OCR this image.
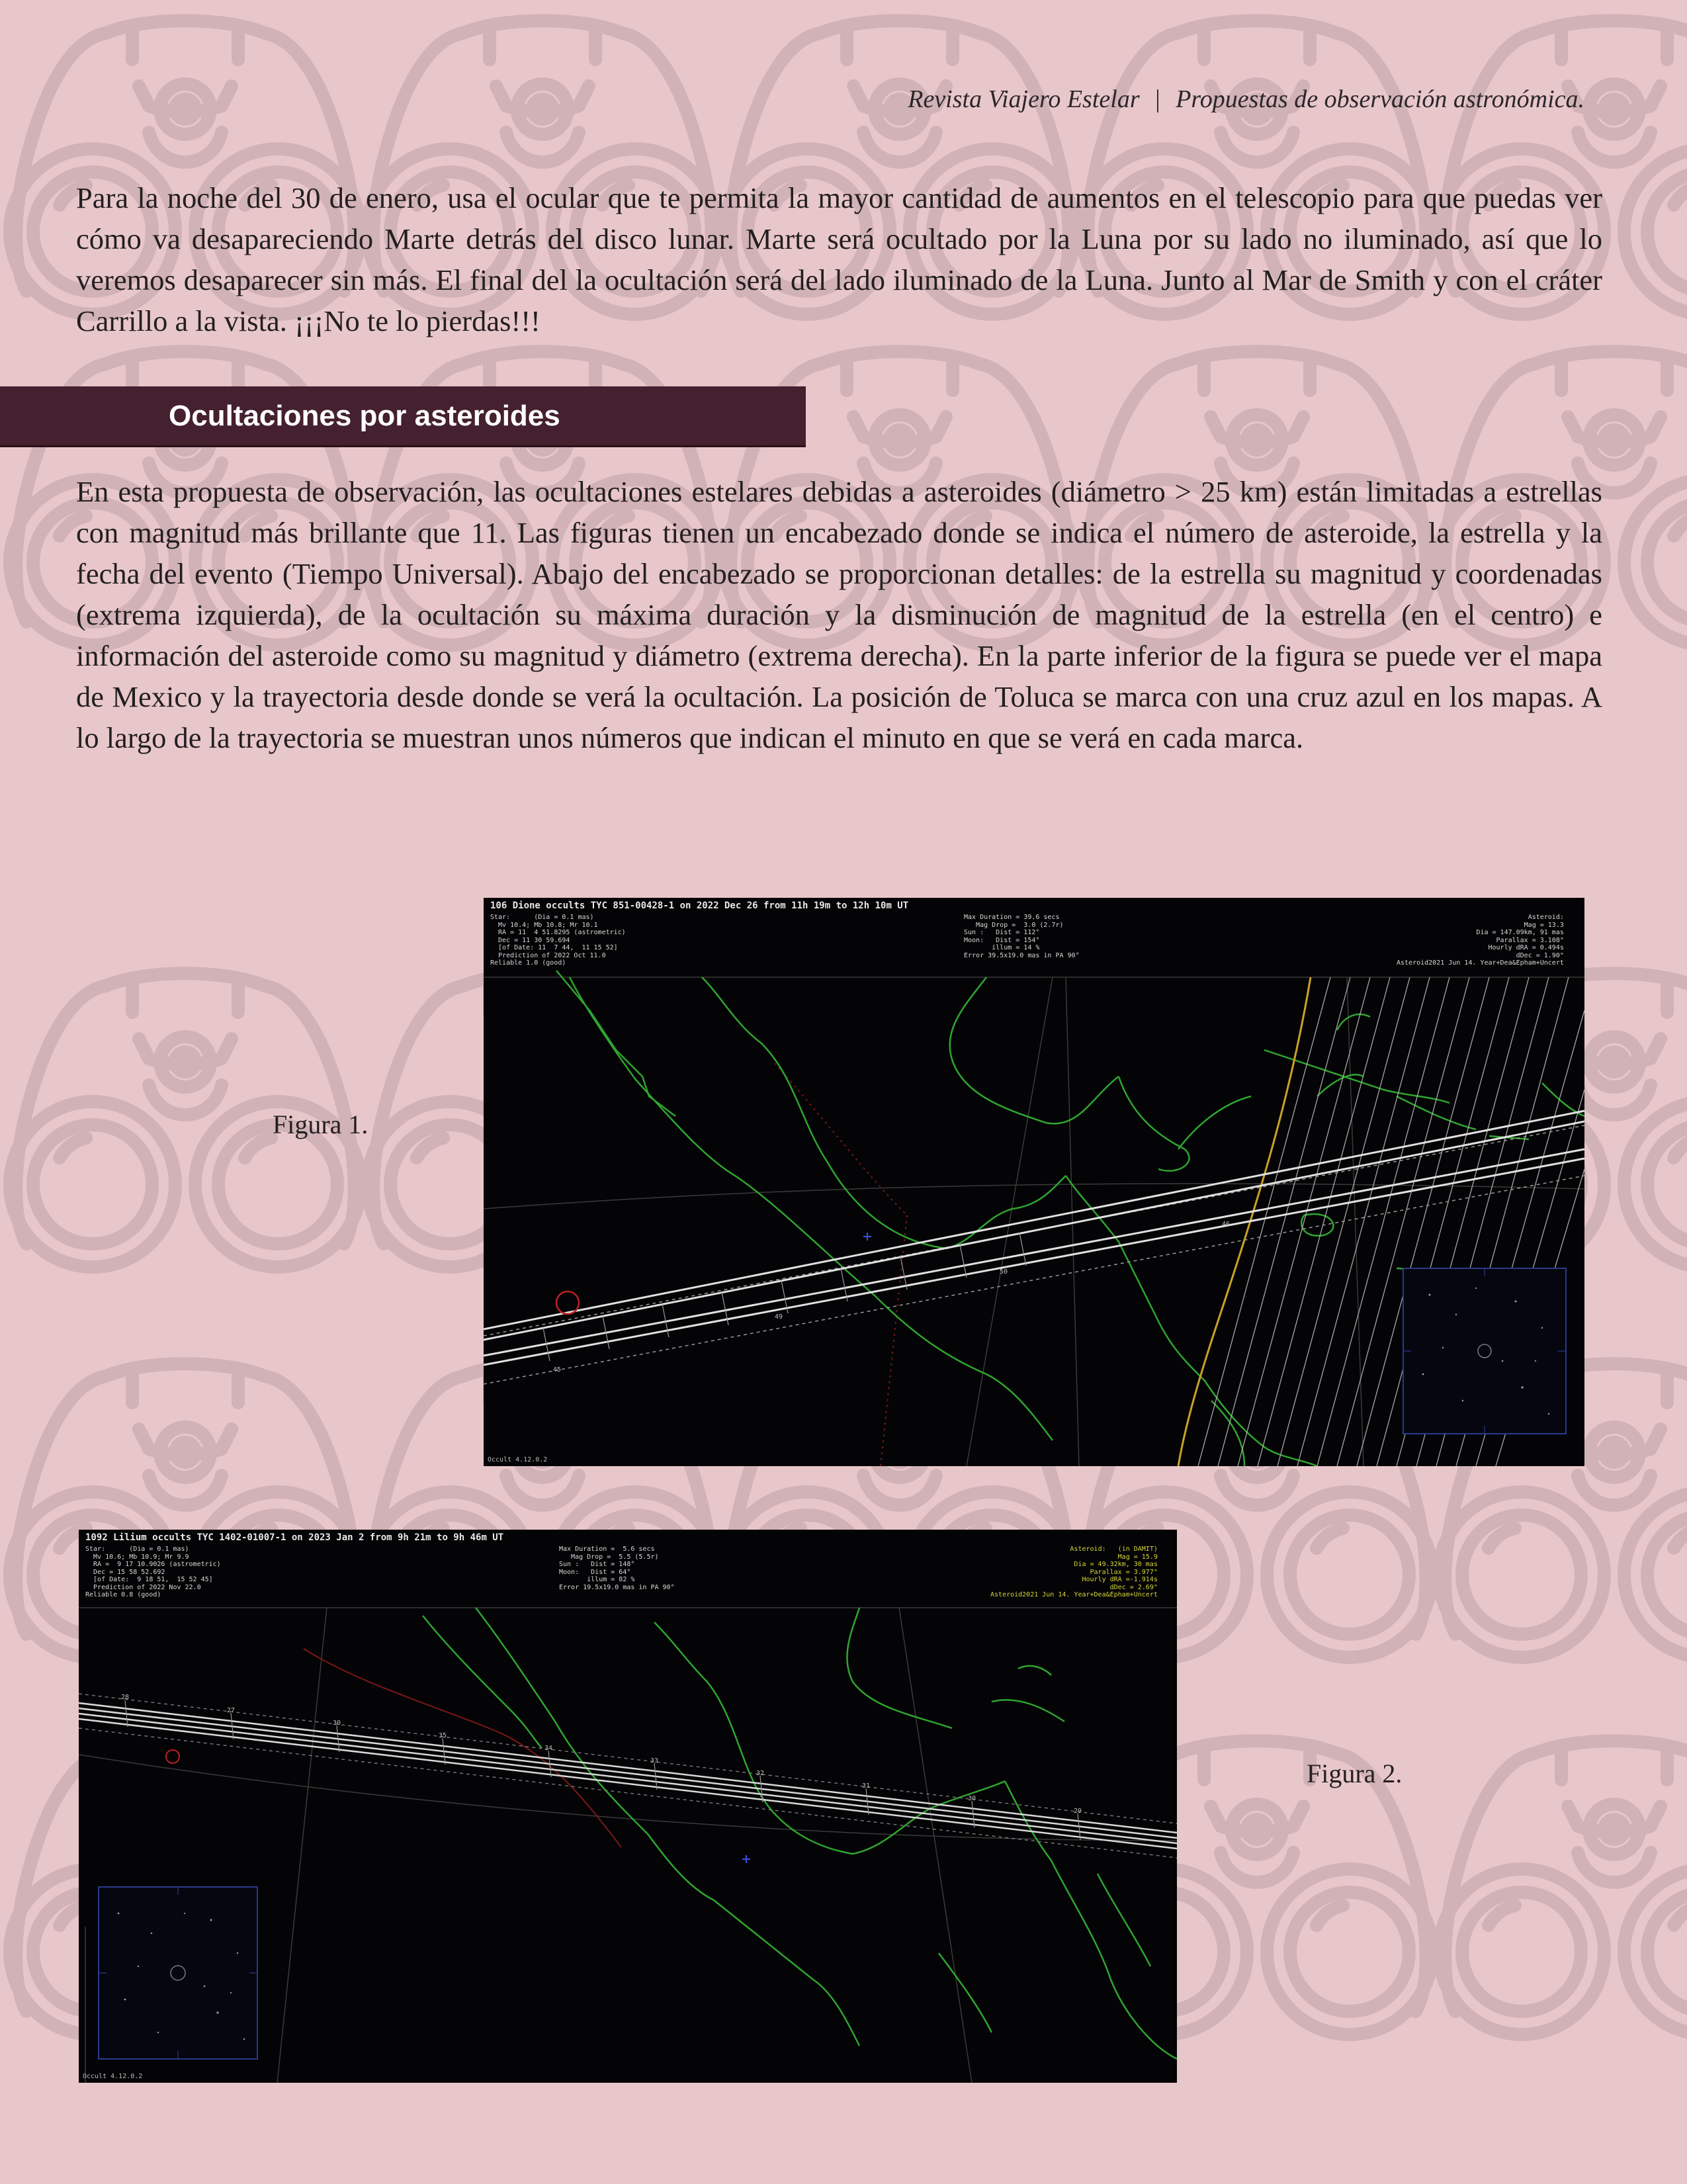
Revista Viajero Estelar | Propuestas de observación astronómica.

Para la noche del 30 de enero, usa el ocular que te permita la mayor cantidad de aumentos en el telescopio para que puedas ver cómo va desapareciendo Marte detrás del disco lunar. Marte será ocultado por la Luna por su lado no iluminado, así que lo veremos desaparecer sin más. El final del la ocultación será del lado iluminado de la Luna. Junto al Mar de Smith y con el cráter Carrillo a la vista. ¡¡¡No te lo pierdas!!!

Ocultaciones por asteroides

En esta propuesta de observación, las ocultaciones estelares debidas a asteroides (diámetro > 25 km) están limitadas a estrellas con magnitud más brillante que 11. Las figuras tienen un encabezado donde se indica el número de asteroide, la estrella y la fecha del evento (Tiempo Universal). Abajo del encabezado se proporcionan detalles: de la estrella su magnitud y coordenadas (extrema izquierda), de la ocultación su máxima duración y la disminución de magnitud de la estrella (en el centro) e información del asteroide como su magnitud y diámetro (extrema derecha). En la parte inferior de la figura se puede ver el mapa de Mexico y la trayectoria desde donde se verá la ocultación. La posición de Toluca se marca con una cruz azul en los mapas. A lo largo de la trayectoria se muestran unos números que indican el minuto en que se verá en cada marca.

Figura 1.
106 Dione occults TYC 851-00428-1 on 2022 Dec 26 from 11h 19m to 12h 10m UT
Star:      (Dia = 0.1 mas)
Mv 10.4; Mb 10.8; Mr 10.1
RA = 11  4 51.8295 (astrometric)
Dec = 11 30 59.694
[of Date: 11  7 44,  11 15 52]
Prediction of 2022 Oct 11.0
Reliable 1.0 (good)
Max Duration = 39.6 secs
Mag Drop =  3.0 (2.7r)
Sun :   Dist = 112°
Moon:   Dist = 154°
illum = 14 %
Error 39.5x19.0 mas in PA 90°
Asteroid:
Mag = 13.3
Dia = 147.09km, 91 mas
Parallax = 3.108"
Hourly dRA = 0.494s
dDec = 1.90"
Asteroid2021 Jun 14. Year+Dea&Epham+Uncert
45
49
50
46
Occult 4.12.0.2
1092 Lilium occults TYC 1402-01007-1 on 2023 Jan 2 from 9h 21m to 9h 46m UT
Star:      (Dia = 0.1 mas)
Mv 10.6; Mb 10.9; Mr 9.9
RA =  9 17 10.9026 (astrometric)
Dec = 15 58 52.692
[of Date:  9 18 51,  15 52 45]
Prediction of 2022 Nov 22.0
Reliable 0.8 (good)
Max Duration =  5.6 secs
Mag Drop =  5.5 (5.5r)
Sun :   Dist = 148°
Moon:   Dist = 64°
illum = 82 %
Error 19.5x19.0 mas in PA 90°
Asteroid:   (in DAMIT)
Mag = 15.9
Dia = 49.32km, 30 mas
Parallax = 3.977"
Hourly dRA =-1.914s
dDec = 2.69"
Asteroid2021 Jun 14. Year+Dea&Epham+Uncert
28
27
30
35
34
33
32
31
30
29
Occult 4.12.0.2
Figura 2.
